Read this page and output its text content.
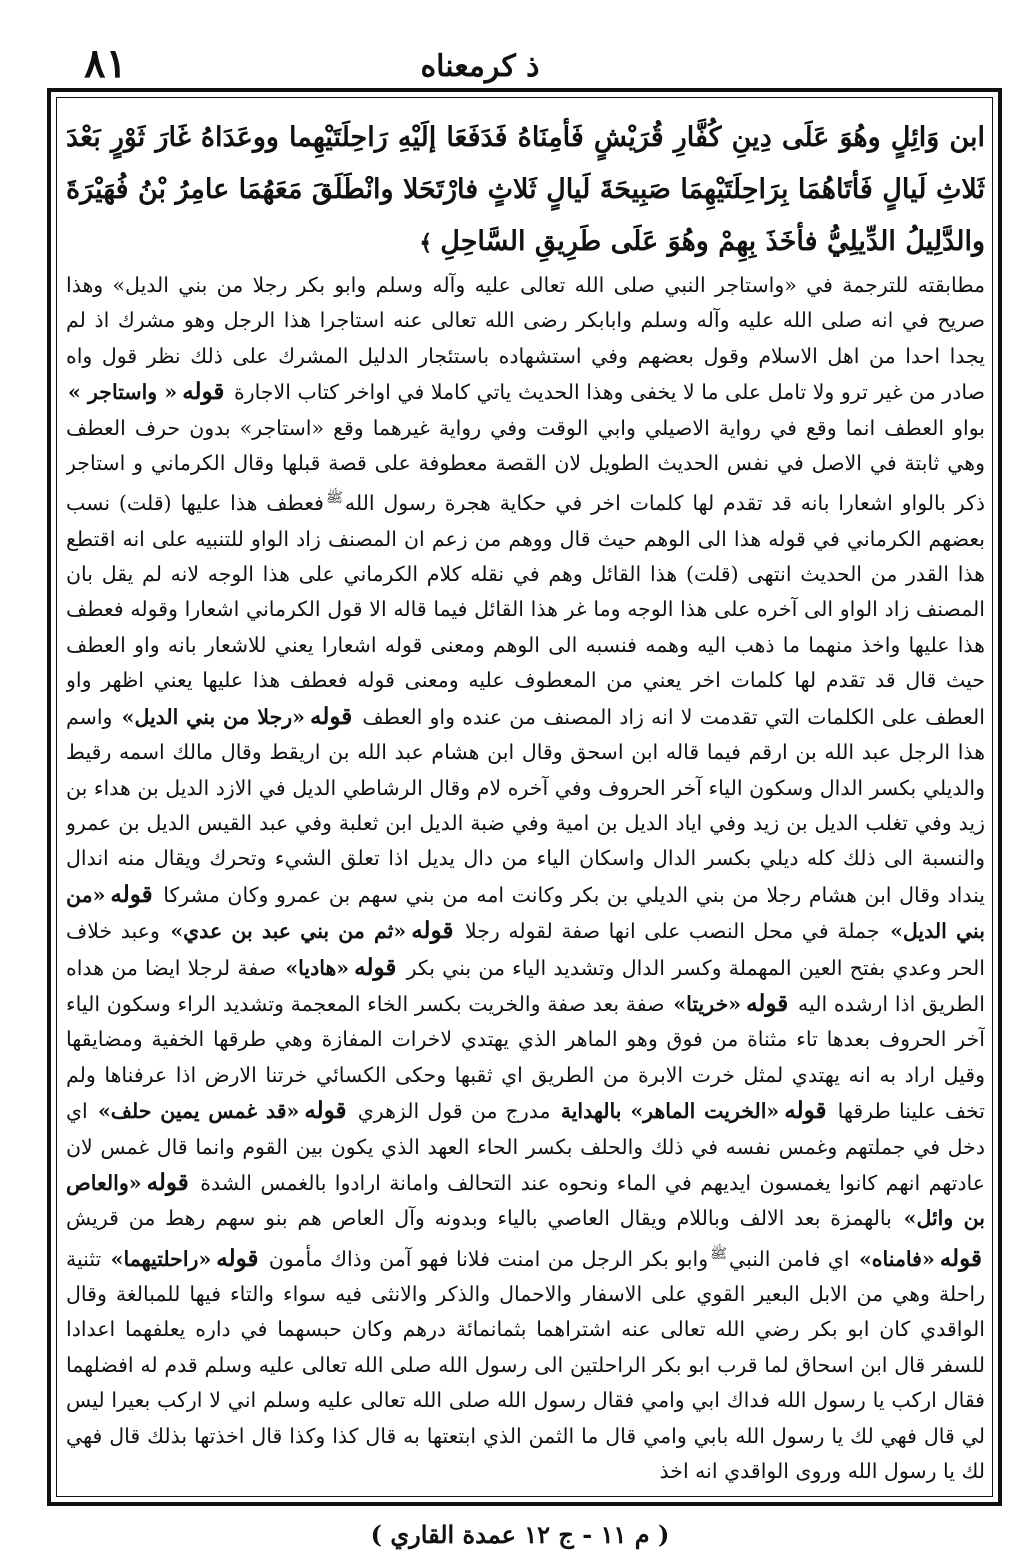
٨١	ذ كرمعناه

ابن وَائِلٍ وهُوَ عَلَى دِينِ كُفَّارِ قُرَيْشٍ فَأمِنَاهُ فَدَفَعَا إلَيْهِ رَاحِلَتَيْهِما ووعَدَاهُ غَارَ ثَوْرٍ بَعْدَ ثَلاثِ لَيالٍ فَأتَاهُمَا بِرَاحِلَتَيْهِمَا صَبِيحَةَ لَيالٍ ثَلاثٍ فارْتَحَلا وانْطَلَقَ مَعَهُمَا عامِرُ بْنُ فُهَيْرَةَ والدَّلِيلُ الدِّيلِيُّ فأخَذَ بِهِمْ وهُوَ عَلَى طَرِيقِ السَّاحِلِ﴾

مطابقته للترجمة في «واستاجر النبي صلى الله تعالى عليه وآله وسلم وابو بكر رجلا من بني الديل» وهذا صريح في انه صلى الله عليه وآله وسلم وابابكر رضى الله تعالى عنه استاجرا هذا الرجل وهو مشرك اذ لم يجدا احدا من اهل الاسلام وقول بعضهم وفي استشهاده باستئجار الدليل المشرك على ذلك نظر قول واه صادر من غير ترو ولا تامل على ما لا يخفى وهذا الحديث ياتي كاملا في اواخر كتاب الاجارة قوله« واستاجر » بواو العطف انما وقع في رواية الاصيلي وابي الوقت وفي رواية غيرهما وقع «استاجر» بدون حرف العطف وهي ثابتة في الاصل في نفس الحديث الطويل لان القصة معطوفة على قصة قبلها وقال الكرماني و استاجر ذكر بالواو اشعارا بانه قد تقدم لها كلمات اخر في حكاية هجرة رسول الله$^ﷺ$فعطف هذا عليها (قلت) نسب بعضهم الكرماني في قوله هذا الى الوهم حيث قال ووهم من زعم ان المصنف زاد الواو للتنبيه على انه اقتطع هذا القدر من الحديث انتهى (قلت) هذا القائل وهم في نقله كلام الكرماني على هذا الوجه لانه لم يقل بان المصنف زاد الواو الى آخره على هذا الوجه وما غر هذا القائل فيما قاله الا قول الكرماني اشعارا وقوله فعطف هذا عليها واخذ منهما ما ذهب اليه وهمه فنسبه الى الوهم ومعنى قوله اشعارا يعني للاشعار بانه واو العطف حيث قال قد تقدم لها كلمات اخر يعني من المعطوف عليه ومعنى قوله فعطف هذا عليها يعني اظهر واو العطف على الكلمات التي تقدمت لا انه زاد المصنف من عنده واو العطف قوله«رجلا من بني الديل» واسم هذا الرجل عبد الله بن ارقم فيما قاله ابن اسحق وقال ابن هشام عبد الله بن اريقط وقال مالك اسمه رقيط والديلي بكسر الدال وسكون الياء آخر الحروف وفي آخره لام وقال الرشاطي الديل في الازد الديل بن هداء بن زيد وفي تغلب الديل بن زيد وفي اياد الديل بن امية وفي ضبة الديل ابن ثعلبة وفي عبد القيس الديل بن عمرو والنسبة الى ذلك كله ديلي بكسر الدال واسكان الياء من دال يديل اذا تعلق الشيء وتحرك ويقال منه اندال ينداد وقال ابن هشام رجلا من بني الديلي بن بكر وكانت امه من بني سهم بن عمرو وكان مشركا قوله«من بني الديل» جملة في محل النصب على انها صفة لقوله رجلا قوله«ثم من بني عبد بن عدي» وعبد خلاف الحر وعدي بفتح العين المهملة وكسر الدال وتشديد الياء من بني بكر قوله«هاديا» صفة لرجلا ايضا من هداه الطريق اذا ارشده اليه قوله«خريتا» صفة بعد صفة والخريت بكسر الخاء المعجمة وتشديد الراء وسكون الياء آخر الحروف بعدها تاء مثناة من فوق وهو الماهر الذي يهتدي لاخرات المفازة وهي طرقها الخفية ومضايقها وقيل اراد به انه يهتدي لمثل خرت الابرة من الطريق اي ثقبها وحكى الكسائي خرتنا الارض اذا عرفناها ولم تخف علينا طرقها قوله«الخريت الماهر» بالهداية مدرج من قول الزهري قوله«قد غمس يمين حلف» اي دخل في جملتهم وغمس نفسه في ذلك والحلف بكسر الحاء العهد الذي يكون بين القوم وانما قال غمس لان عادتهم انهم كانوا يغمسون ايديهم في الماء ونحوه عند التحالف وامانة ارادوا بالغمس الشدة قوله«والعاص بن وائل» بالهمزة بعد الالف وباللام ويقال العاصي بالياء وبدونه وآل العاص هم بنو سهم رهط من قريش قوله«فامناه» اي فامن النبي$^ﷺ$وابو بكر الرجل من امنت فلانا فهو آمن وذاك مأمون قوله«راحلتيهما» تثنية راحلة وهي من الابل البعير القوي على الاسفار والاحمال والذكر والانثى فيه سواء والتاء فيها للمبالغة وقال الواقدي كان ابو بكر رضي الله تعالى عنه اشتراهما بثمانمائة درهم وكان حبسهما في داره يعلفهما اعدادا للسفر قال ابن اسحاق لما قرب ابو بكر الراحلتين الى رسول الله صلى الله تعالى عليه وسلم قدم له افضلهما فقال اركب يا رسول الله فداك ابي وامي فقال رسول الله صلى الله تعالى عليه وسلم اني لا اركب بعيرا ليس لي قال فهي لك يا رسول الله بابي وامي قال ما الثمن الذي ابتعتها به قال كذا وكذا قال اخذتها بذلك قال فهي لك يا رسول الله وروى الواقدي انه اخذ

( م ١١ - ج ١٢ عمدة القاري )
